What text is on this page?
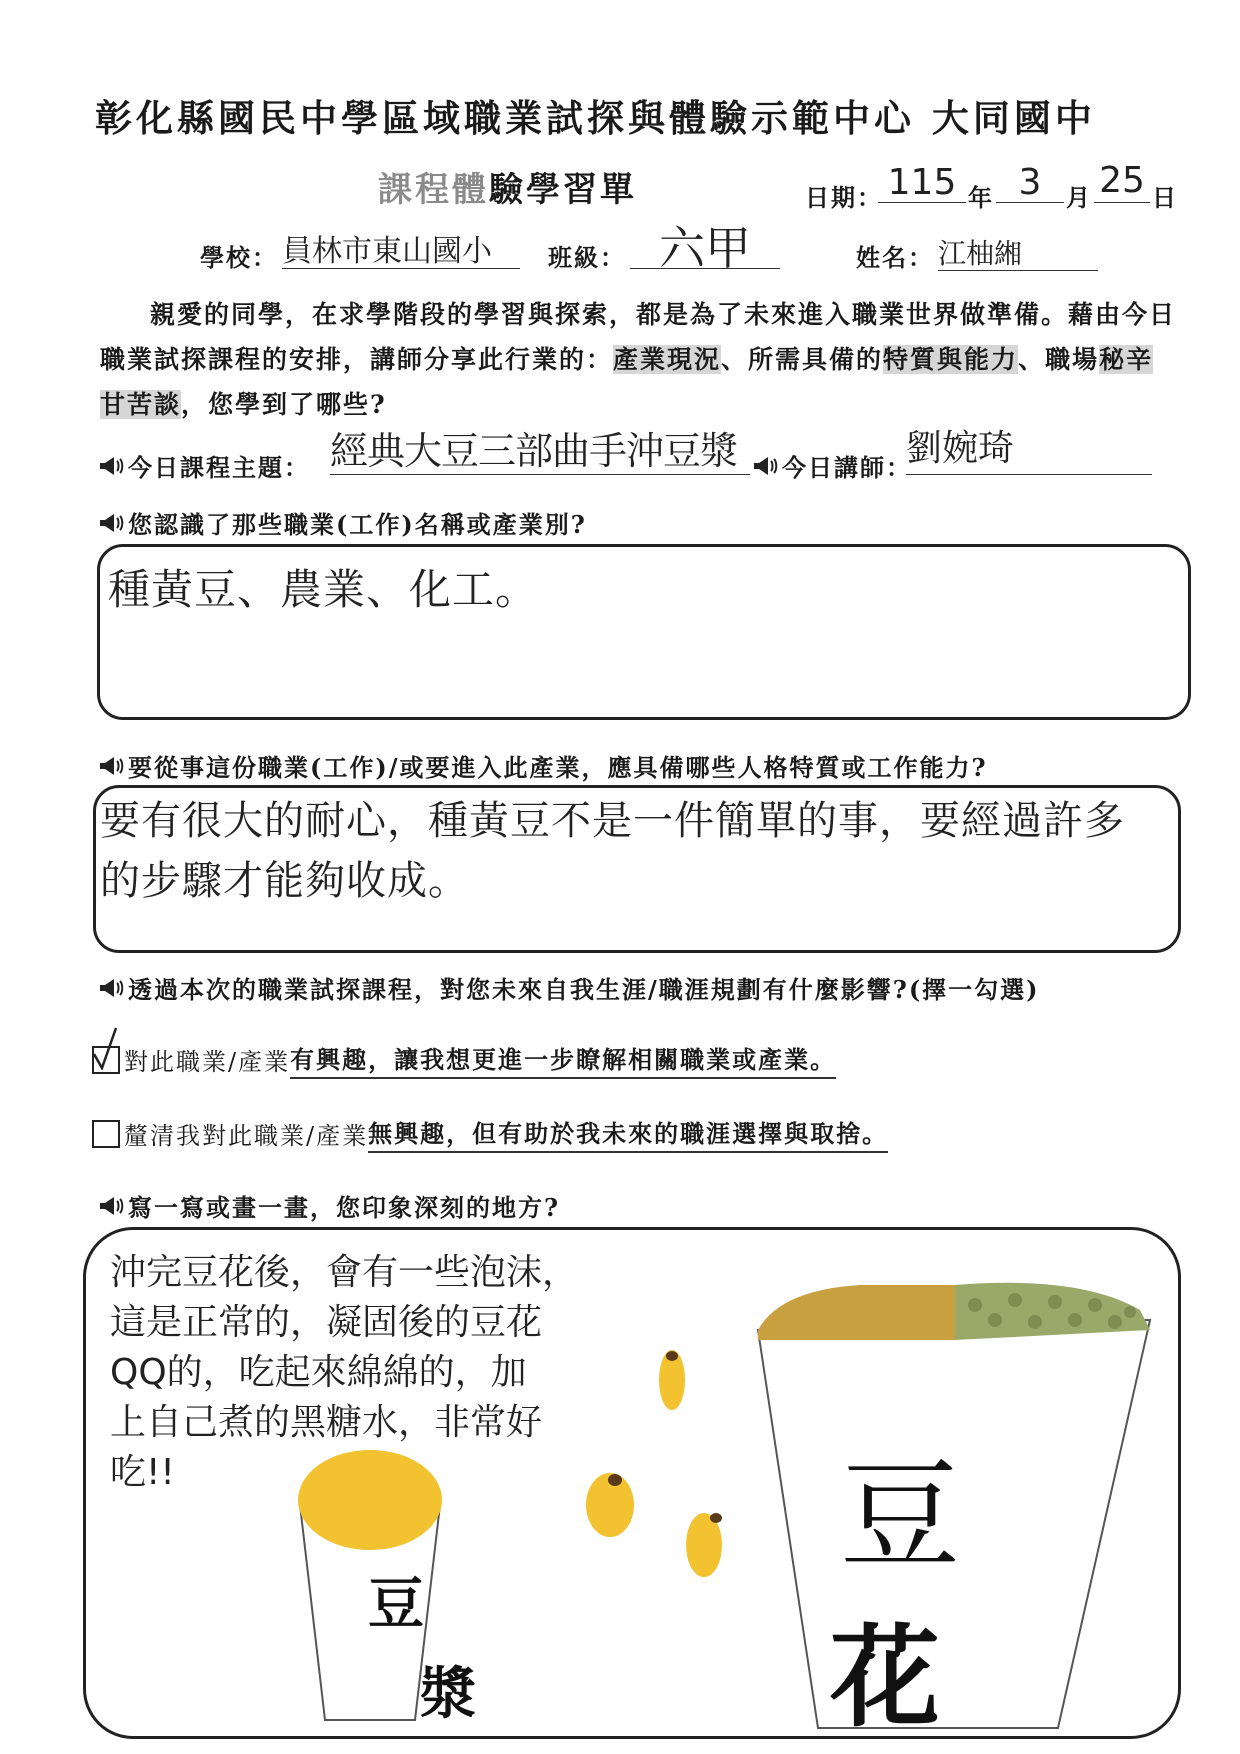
彰化縣國民中學區域職業試探與體驗示範中心 大同國中
課程體驗學習單	日期： 115 年 3	月 25 日
學校： 員林市東山國小	班級： 六甲	姓名： 江柚緗
親愛的同學，在求學階段的學習與探索，都是為了未來進入職業世界做準備。藉由今日職業試探課程的安排，講師分享此行業的：產業現況、所需具備的特質與能力、職場秘辛甘苦談，您學到了哪些?
今日課程主題： 經典大豆三部曲手沖豆漿	今日講師：
劉婉琦
您認識了那些職業(工作)名稱或產業別?
種黃豆、農業、化工。
要從事這份職業(工作)/或要進入此產業，應具備哪些人格特質或工作能力?
要有很大的耐心，種黃豆不是一件簡單的事，要經過許多
的步驟才能夠收成。
透過本次的職業試探課程，對您未來自我生涯/職涯規劃有什麼影響?(擇一勾選)
對此職業/產業 有興趣，讓我想更進一步瞭解相關職業或產業。
釐清我對此職業/產業 無興趣，但有助於我未來的職涯選擇與取捨。
寫一寫或畫一畫，您印象深刻的地方?
沖完豆花後，會有一些泡沫，
這是正常的，凝固後的豆花
QQ的，吃起來綿綿的，加
上自己煮的黑糖水，非常好
吃!!
豆
漿
豆
花
